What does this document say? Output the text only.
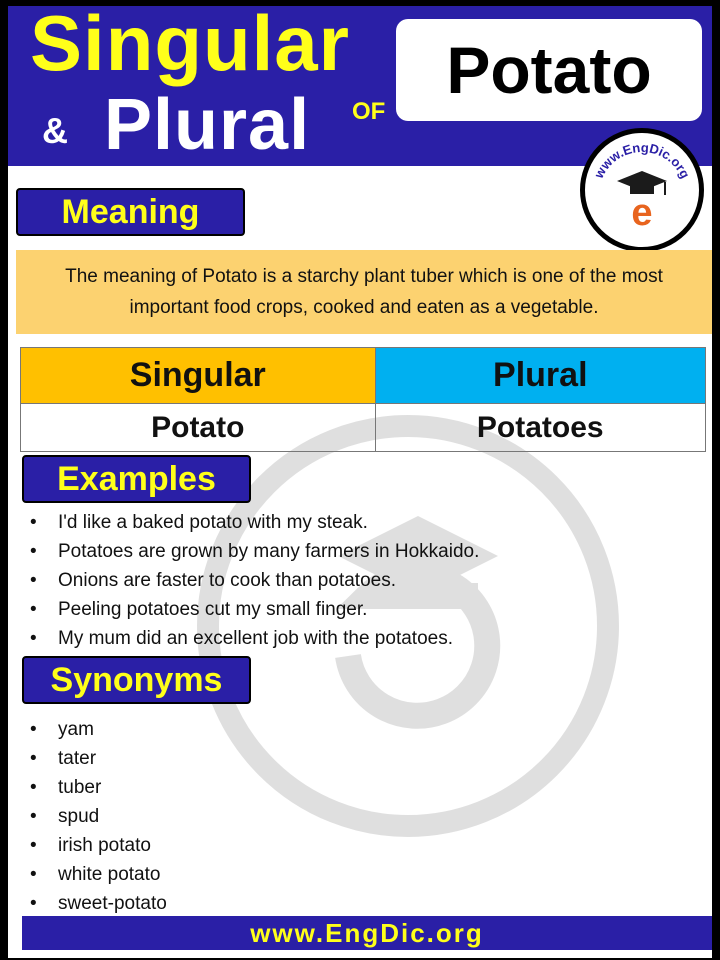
Singular
& Plural OF
Potato
www.EngDic.org
e
Meaning

The meaning of Potato is a starchy plant tuber which is one of the most important food crops, cooked and eaten as a vegetable.

Singular	Plural
Potato	Potatoes
Examples
• I'd like a baked potato with my steak.
• Potatoes are grown by many farmers in Hokkaido.
• Onions are faster to cook than potatoes.
• Peeling potatoes cut my small finger.
• My mum did an excellent job with the potatoes.
Synonyms
• yam
• tater
• tuber
• spud
• irish potato
• white potato
• sweet-potato
www.EngDic.org
